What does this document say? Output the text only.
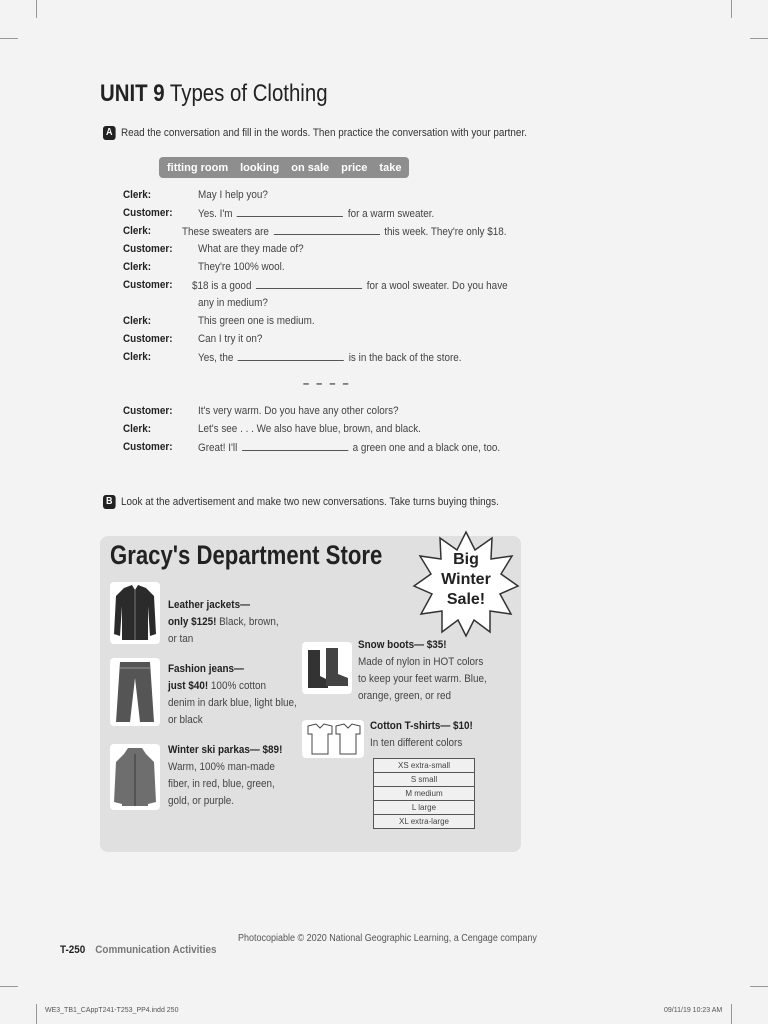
UNIT 9 Types of Clothing
A Read the conversation and fill in the words. Then practice the conversation with your partner.
fitting room looking on sale price take
Clerk:	May I help you?
Customer:	Yes. I'm	for a warm sweater.
Clerk:	These sweaters are	this week. They're only $18.
Customer:	What are they made of?
Clerk:	They're 100% wool.
Customer:	$18 is a good	for a wool sweater. Do you have
any in medium?
Clerk:	This green one is medium.
Customer:	Can I try it on?
Clerk:	Yes, the	is in the back of the store.
– – – –
Customer:	It's very warm. Do you have any other colors?
Clerk:	Let's see . . . We also have blue, brown, and black.
Customer:	Great! I'll	a green one and a black one, too.
B Look at the advertisement and make two new conversations. Take turns buying things.
Gracy's Department Store	Big
Winter
Sale!
Leather jackets—
only $125! Black, brown,
or tan
Fashion jeans—
just $40! 100% cotton
denim in dark blue, light blue,
or black
Winter ski parkas— $89!
Warm, 100% man-made
fiber, in red, blue, green,
gold, or purple.
Snow boots— $35!
Made of nylon in HOT colors
to keep your feet warm. Blue,
orange, green, or red
Cotton T-shirts— $10!
In ten different colors
XS extra-small
S small
M medium
L large
XL extra-large
Photocopiable © 2020 National Geographic Learning, a Cengage company
T-250 Communication Activities
WE3_TB1_CAppT241-T253_PP4.indd 250	09/11/19 10:23 AM
